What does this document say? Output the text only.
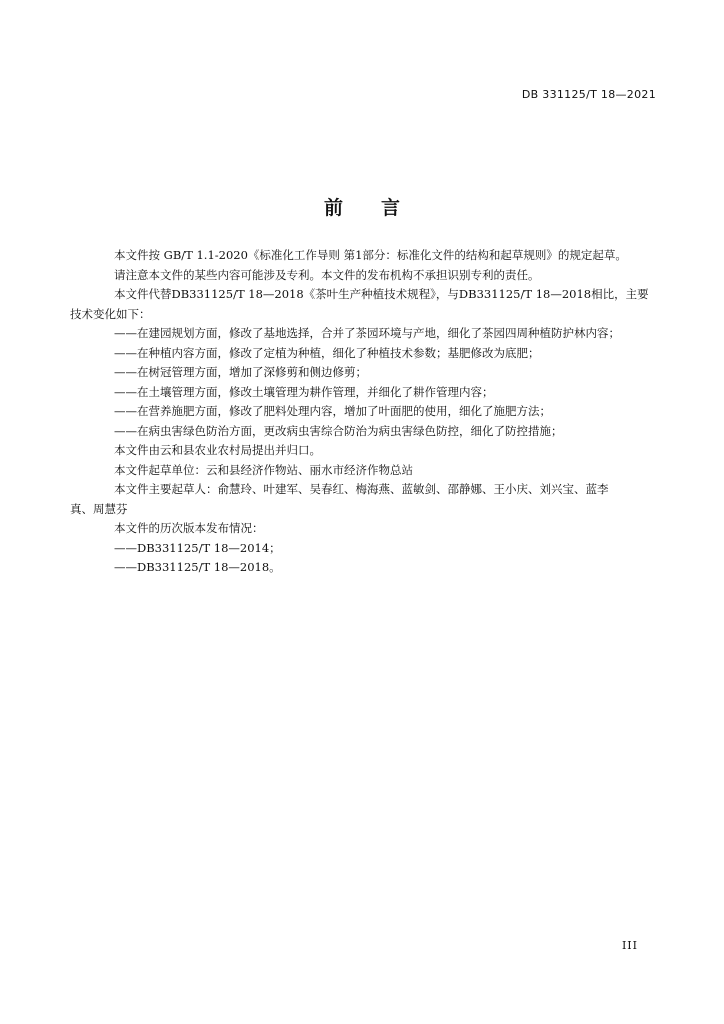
DB 331125/T 18—2021
前言

本文件按 GB/T 1.1-2020《标准化工作导则 第1部分：标准化文件的结构和起草规则》的规定起草。

请注意本文件的某些内容可能涉及专利。本文件的发布机构不承担识别专利的责任。

本文件代替DB331125/T 18—2018《茶叶生产种植技术规程》，与DB331125/T 18—2018相比，主要

技术变化如下：

——在建园规划方面，修改了基地选择，合并了茶园环境与产地，细化了茶园四周种植防护林内容；

——在种植内容方面，修改了定植为种植，细化了种植技术参数；基肥修改为底肥；

——在树冠管理方面，增加了深修剪和侧边修剪；

——在土壤管理方面，修改土壤管理为耕作管理，并细化了耕作管理内容；

——在营养施肥方面，修改了肥料处理内容，增加了叶面肥的使用，细化了施肥方法；

——在病虫害绿色防治方面，更改病虫害综合防治为病虫害绿色防控，细化了防控措施；

本文件由云和县农业农村局提出并归口。

本文件起草单位：云和县经济作物站、丽水市经济作物总站

本文件主要起草人：俞慧玲、叶建军、吴春红、梅海燕、蓝敏剑、邵静娜、王小庆、刘兴宝、蓝李

真、周慧芬

本文件的历次版本发布情况：

——DB331125/T 18—2014；

——DB331125/T 18—2018。

III
